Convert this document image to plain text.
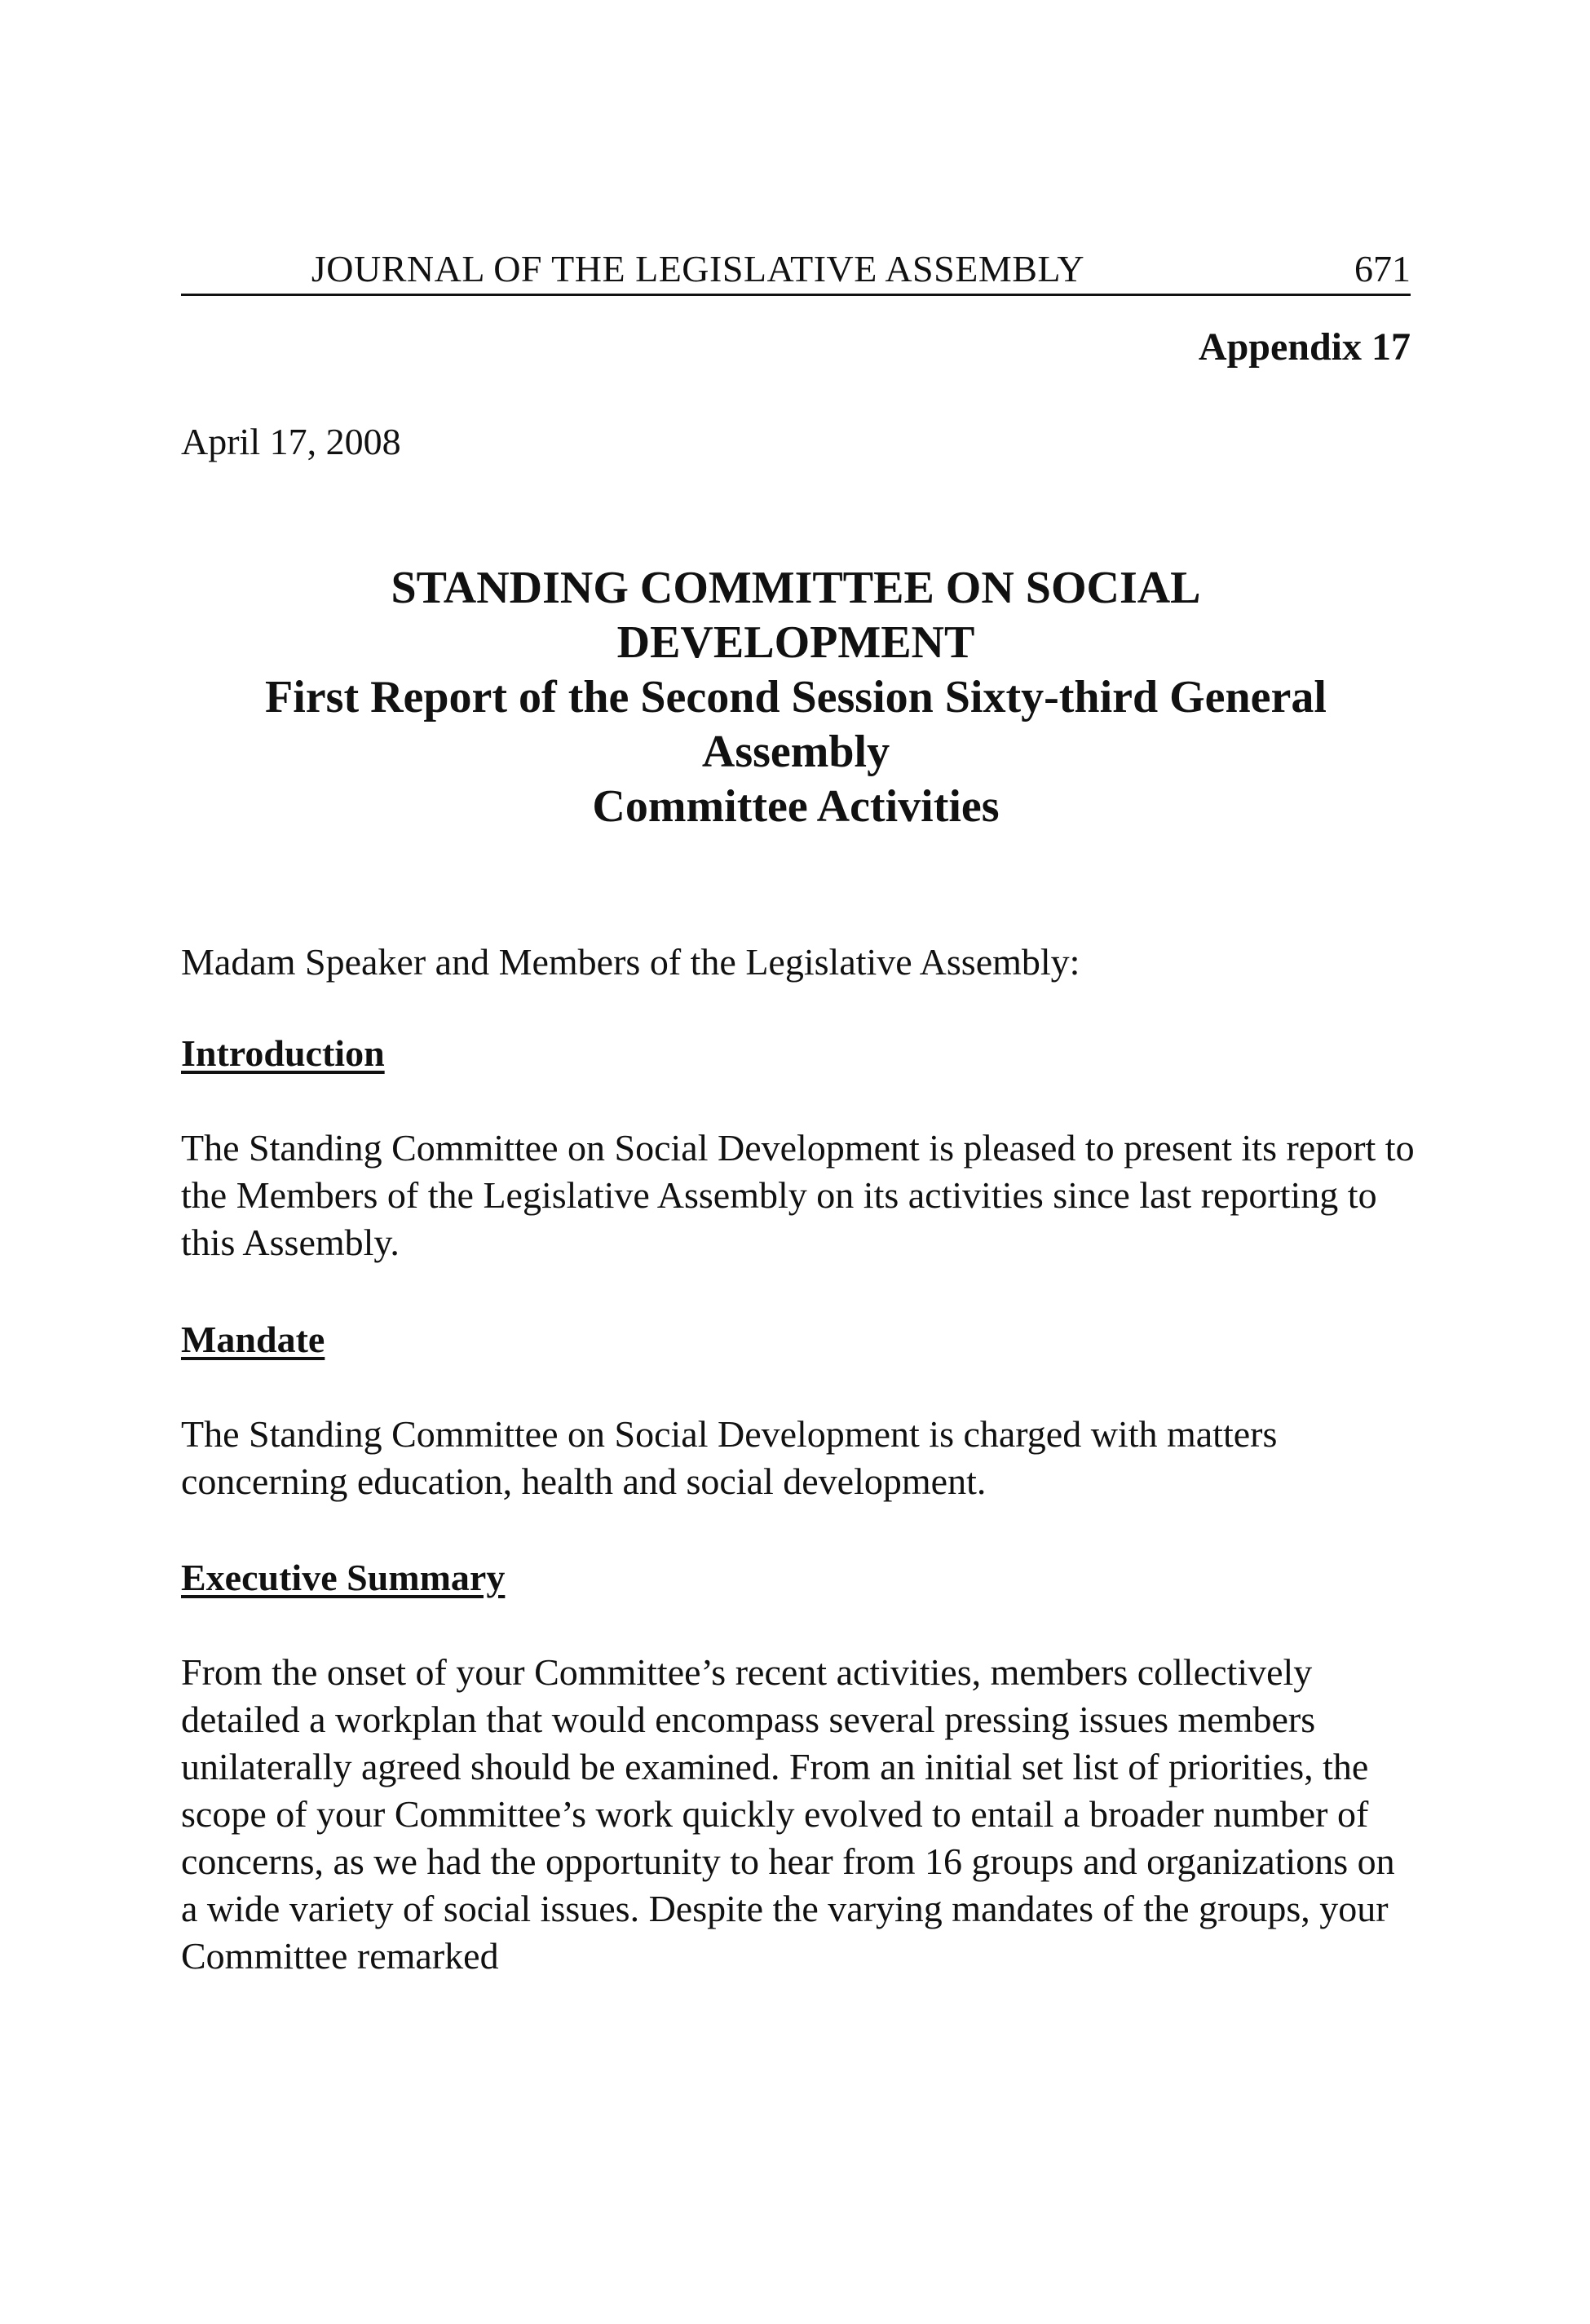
JOURNAL OF THE LEGISLATIVE ASSEMBLY	671
Appendix 17
April 17, 2008
STANDING COMMITTEE ON SOCIAL
DEVELOPMENT
First Report of the Second Session Sixty-third General
Assembly
Committee Activities
Madam Speaker and Members of the Legislative Assembly:
Introduction

The Standing Committee on Social Development is pleased to present its report to the Members of the Legislative Assembly on its activities since last reporting to this Assembly.

Mandate

The Standing Committee on Social Development is charged with matters concerning education, health and social development.

Executive Summary

From the onset of your Committee’s recent activities, members collectively detailed a workplan that would encompass several pressing issues members unilaterally agreed should be examined. From an initial set list of priorities, the scope of your Committee’s work quickly evolved to entail a broader number of concerns, as we had the opportunity to hear from 16 groups and organizations on a wide variety of social issues. Despite the varying mandates of the groups, your Committee remarked
